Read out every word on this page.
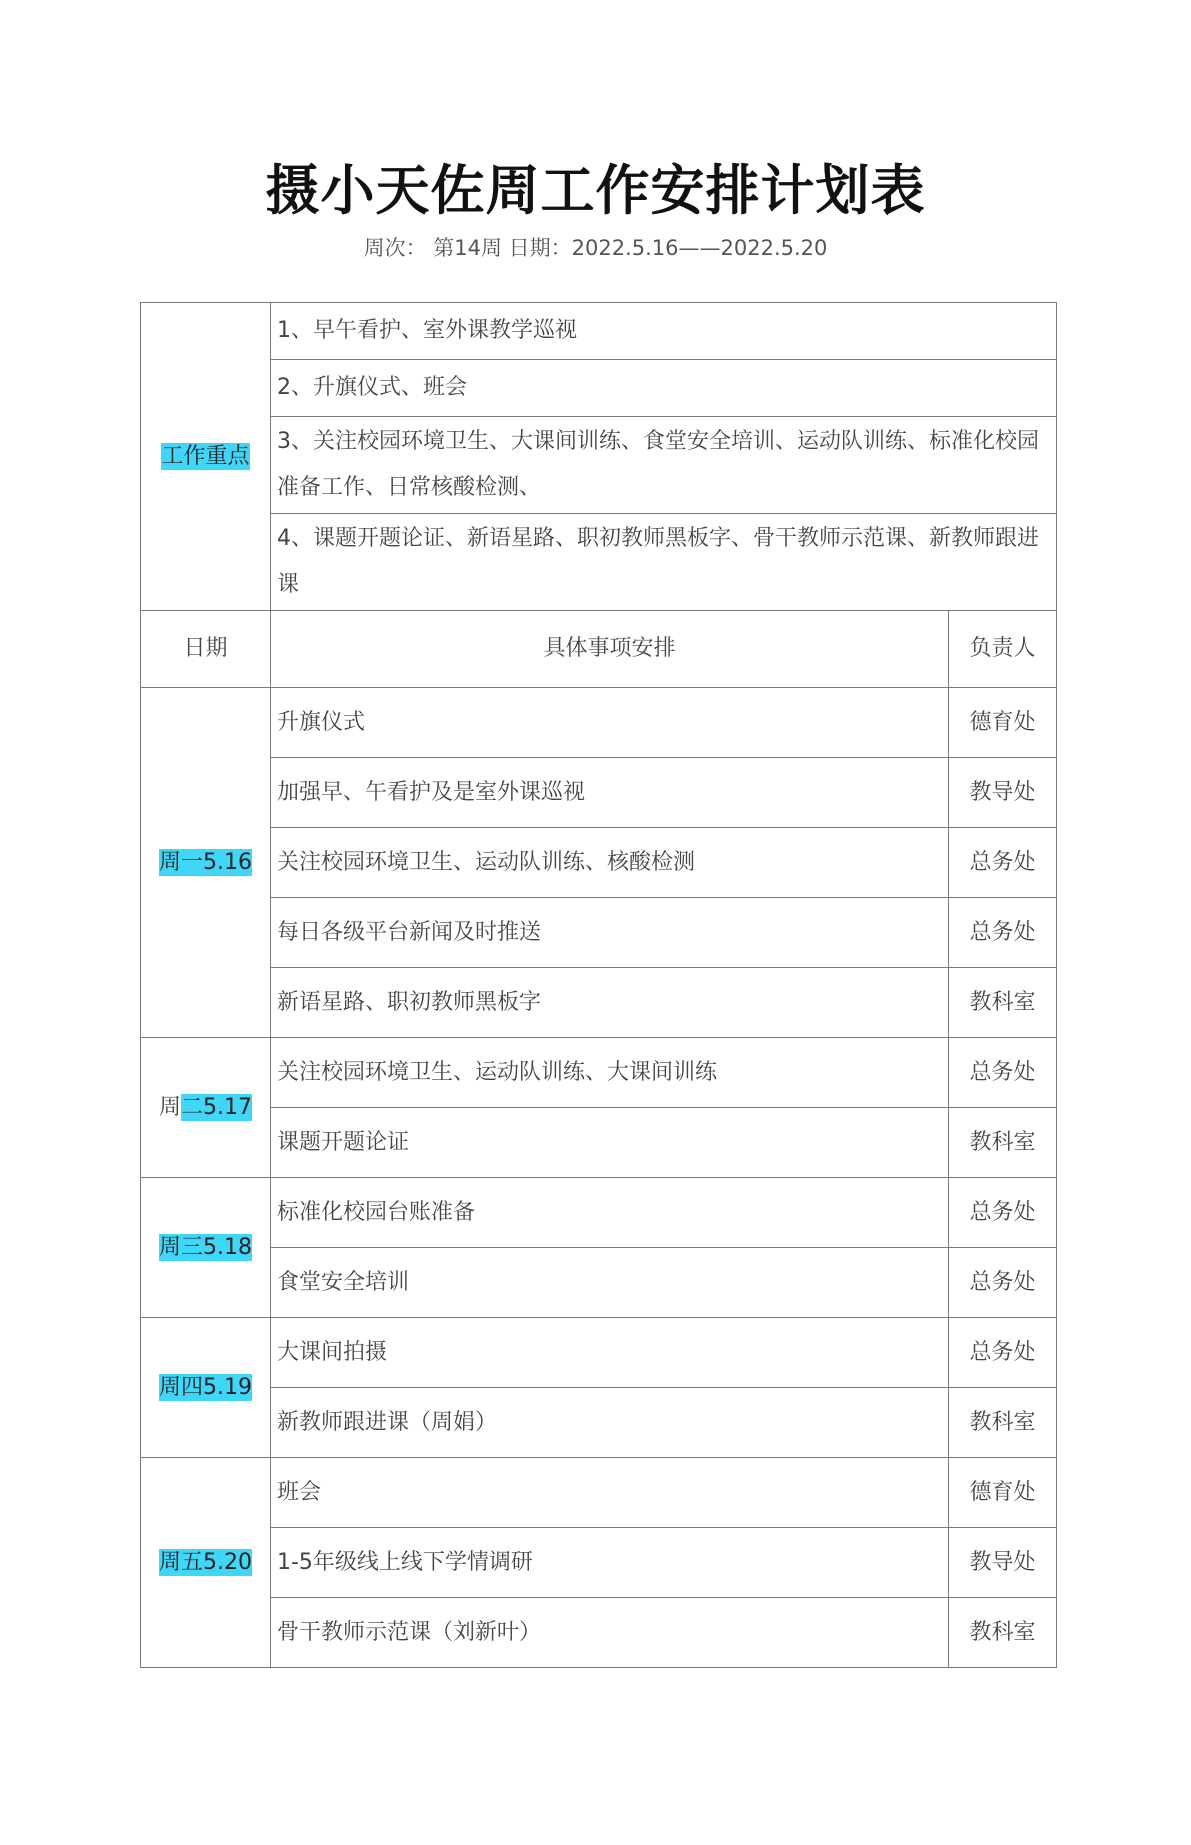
摄小天佐周工作安排计划表
周次： 第14周 日期：2022.5.16——2022.5.20
工作重点	1、早午看护、室外课教学巡视	
	2、升旗仪式、班会	
	3、关注校园环境卫生、大课间训练、食堂安全培训、运动队训练、标准化校园准备工作、日常核酸检测、	
	4、课题开题论证、新语星路、职初教师黑板字、骨干教师示范课、新教师跟进课	
日期	具体事项安排	负责人
周一5.16	升旗仪式	德育处
	加强早、午看护及是室外课巡视	教导处
	关注校园环境卫生、运动队训练、核酸检测	总务处
	每日各级平台新闻及时推送	总务处
	新语星路、职初教师黑板字	教科室
周二5.17	关注校园环境卫生、运动队训练、大课间训练	总务处
	课题开题论证	教科室
周三5.18	标准化校园台账准备	总务处
	食堂安全培训	总务处
周四5.19	大课间拍摄	总务处
	新教师跟进课（周娟）	教科室
周五5.20	班会	德育处
	1-5年级线上线下学情调研	教导处
	骨干教师示范课（刘新叶）	教科室
